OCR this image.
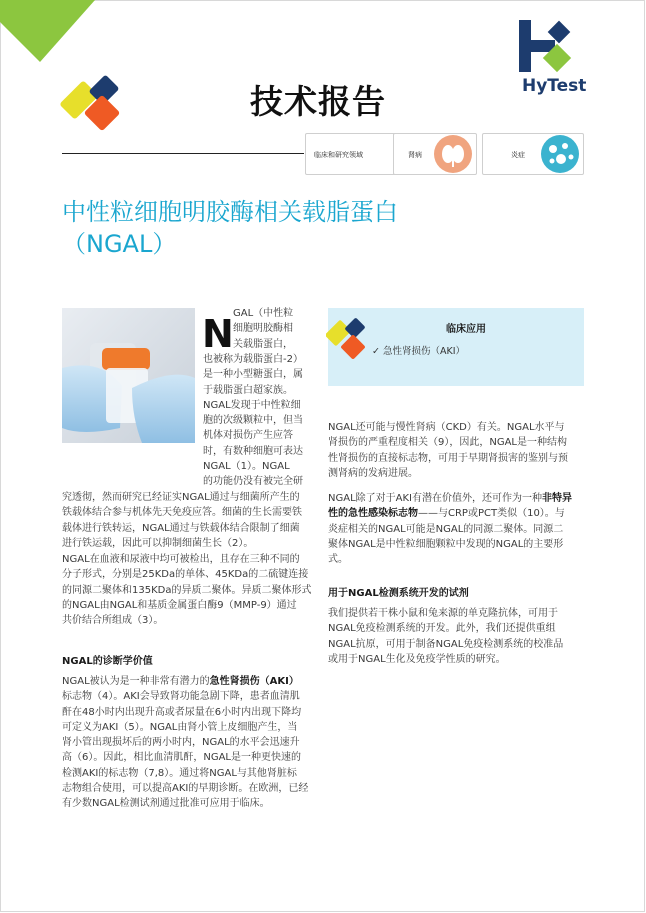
技术报告	HyTest
临床和研究领域	肾病	炎症
中性粒细胞明胶酶相关载脂蛋白
（NGAL）
N GAL（中性粒
细胞明胶酶相
关载脂蛋白，
也被称为载脂蛋白-2）
是一种小型糖蛋白，属
于载脂蛋白超家族。
NGAL发现于中性粒细
胞的次级颗粒中，但当
机体对损伤产生应答
时，有数种细胞可表达
NGAL（1）。NGAL
的功能仍没有被完全研
究透彻，然而研究已经证实NGAL通过与细菌所产生的
铁载体结合参与机体先天免疫应答。细菌的生长需要铁
载体进行铁转运，NGAL通过与铁载体结合限制了细菌
进行铁运载，因此可以抑制细菌生长（2）。
NGAL在血液和尿液中均可被检出，且存在三种不同的
分子形式，分别是25KDa的单体、45KDa的二硫键连接
的同源二聚体和135KDa的异质二聚体。异质二聚体形式
的NGAL由NGAL和基质金属蛋白酶9（MMP-9）通过
共价结合所组成（3）。
NGAL的诊断学价值
NGAL被认为是一种非常有潜力的急性肾损伤（AKI）
标志物（4）。AKI会导致肾功能急剧下降，患者血清肌
酐在48小时内出现升高或者尿量在6小时内出现下降均
可定义为AKI（5）。NGAL由肾小管上皮细胞产生，当
肾小管出现损坏后的两小时内，NGAL的水平会迅速升
高（6）。因此，相比血清肌酐，NGAL是一种更快速的
检测AKI的标志物（7,8）。通过将NGAL与其他肾脏标
志物组合使用，可以提高AKI的早期诊断。在欧洲，已经
有少数NGAL检测试剂通过批准可应用于临床。
临床应用
✓ 急性肾损伤（AKI）
NGAL还可能与慢性肾病（CKD）有关。NGAL水平与
肾损伤的严重程度相关（9），因此，NGAL是一种结构
性肾损伤的直接标志物，可用于早期肾损害的鉴别与预
测肾病的发病进展。
NGAL除了对于AKI有潜在价值外，还可作为一种非特异
性的急性感染标志物——与CRP或PCT类似（10）。与
炎症相关的NGAL可能是NGAL的同源二聚体。同源二
聚体NGAL是中性粒细胞颗粒中发现的NGAL的主要形
式。
用于NGAL检测系统开发的试剂
我们提供若干株小鼠和兔来源的单克隆抗体，可用于
NGAL免疫检测系统的开发。此外，我们还提供重组
NGAL抗原，可用于制备NGAL免疫检测系统的校准品
或用于NGAL生化及免疫学性质的研究。
